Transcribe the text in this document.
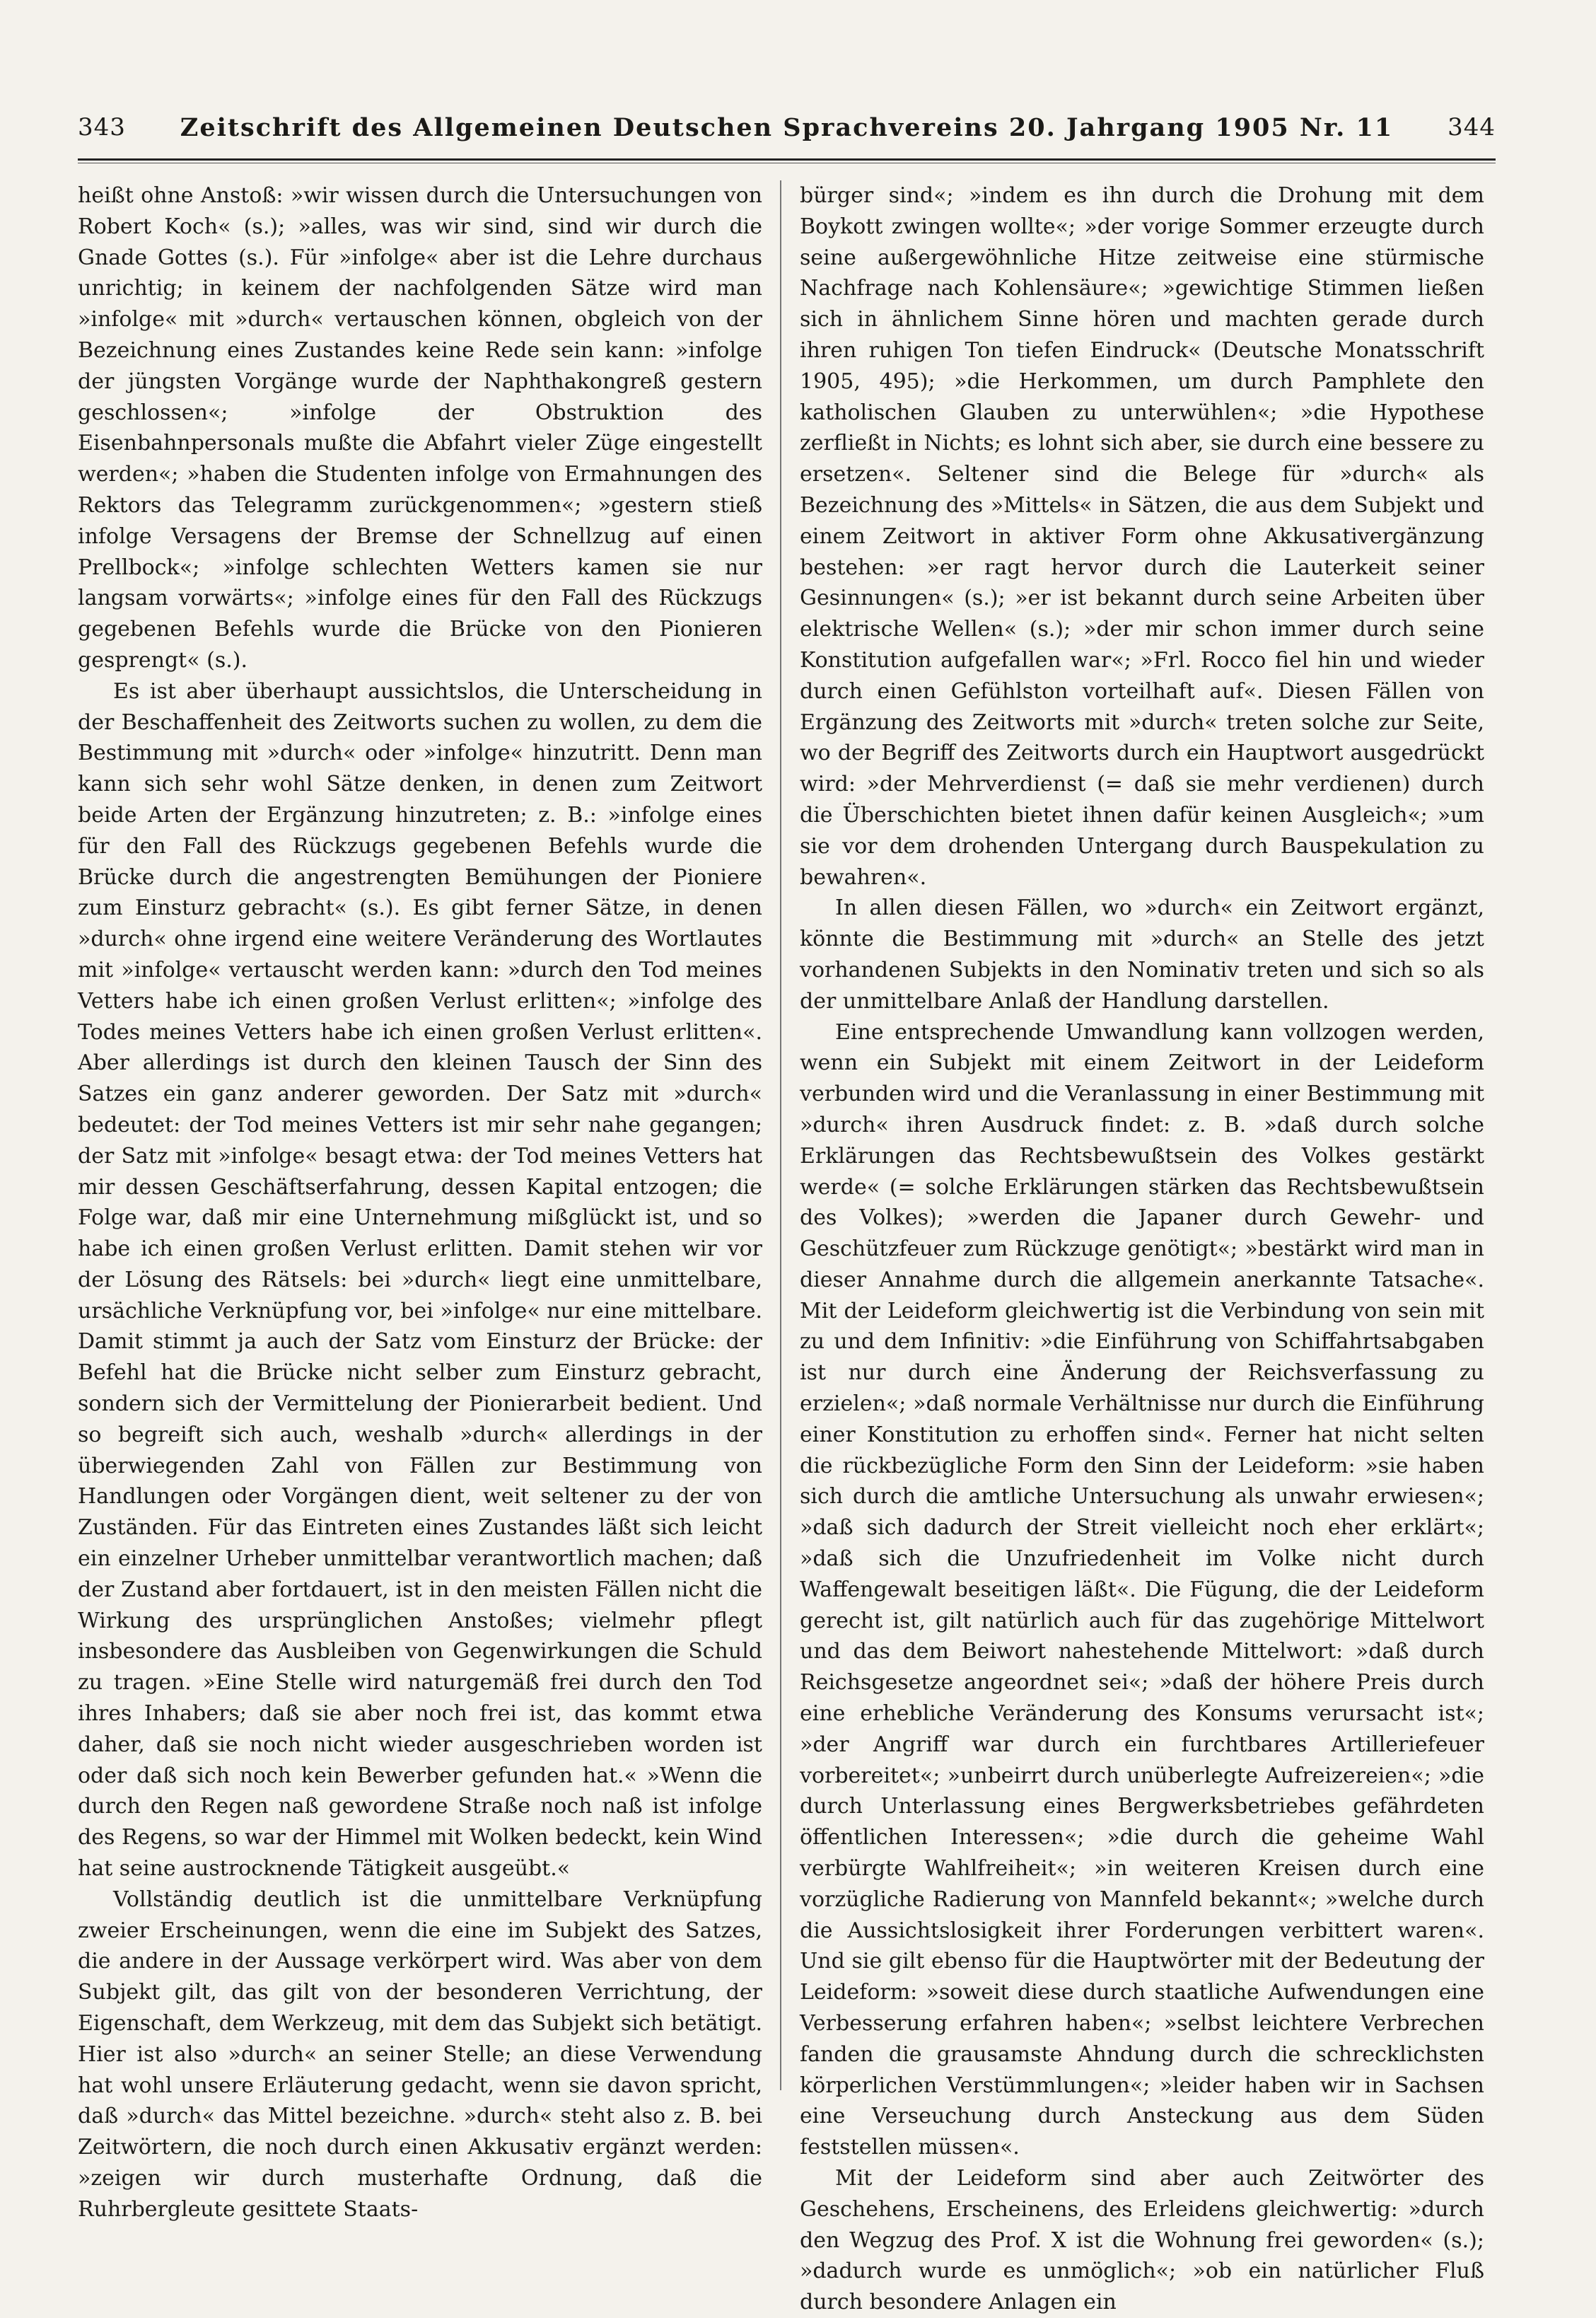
343 Zeitschrift des Allgemeinen Deutschen Sprachvereins 20. Jahrgang 1905 Nr. 11 344

heißt ohne Anstoß: »wir wissen durch die Untersuchungen von Robert Koch« (s.); »alles, was wir sind, sind wir durch die Gnade Gottes (s.). Für »infolge« aber ist die Lehre durchaus unrichtig; in keinem der nachfolgenden Sätze wird man »infolge« mit »durch« vertauschen können, obgleich von der Bezeichnung eines Zustandes keine Rede sein kann: »infolge der jüngsten Vorgänge wurde der Naphthakongreß gestern geschlossen«; »infolge der Obstruktion des Eisenbahnpersonals mußte die Abfahrt vieler Züge eingestellt werden«; »haben die Studenten infolge von Ermahnungen des Rektors das Telegramm zurückgenommen«; »gestern stieß infolge Versagens der Bremse der Schnellzug auf einen Prellbock«; »infolge schlechten Wetters kamen sie nur langsam vorwärts«; »infolge eines für den Fall des Rückzugs gegebenen Befehls wurde die Brücke von den Pionieren gesprengt« (s.).

Es ist aber überhaupt aussichtslos, die Unterscheidung in der Beschaffenheit des Zeitworts suchen zu wollen, zu dem die Bestimmung mit »durch« oder »infolge« hinzutritt. Denn man kann sich sehr wohl Sätze denken, in denen zum Zeitwort beide Arten der Ergänzung hinzutreten; z. B.: »infolge eines für den Fall des Rückzugs gegebenen Befehls wurde die Brücke durch die angestrengten Bemühungen der Pioniere zum Einsturz gebracht« (s.). Es gibt ferner Sätze, in denen »durch« ohne irgend eine weitere Veränderung des Wortlautes mit »infolge« vertauscht werden kann: »durch den Tod meines Vetters habe ich einen großen Verlust erlitten«; »infolge des Todes meines Vetters habe ich einen großen Verlust erlitten«. Aber allerdings ist durch den kleinen Tausch der Sinn des Satzes ein ganz anderer geworden. Der Satz mit »durch« bedeutet: der Tod meines Vetters ist mir sehr nahe gegangen; der Satz mit »infolge« besagt etwa: der Tod meines Vetters hat mir dessen Geschäftserfahrung, dessen Kapital entzogen; die Folge war, daß mir eine Unternehmung mißglückt ist, und so habe ich einen großen Verlust erlitten. Damit stehen wir vor der Lösung des Rätsels: bei »durch« liegt eine unmittelbare, ursächliche Verknüpfung vor, bei »infolge« nur eine mittelbare. Damit stimmt ja auch der Satz vom Einsturz der Brücke: der Befehl hat die Brücke nicht selber zum Einsturz gebracht, sondern sich der Vermittelung der Pionierarbeit bedient. Und so begreift sich auch, weshalb »durch« allerdings in der überwiegenden Zahl von Fällen zur Bestimmung von Handlungen oder Vorgängen dient, weit seltener zu der von Zuständen. Für das Eintreten eines Zustandes läßt sich leicht ein einzelner Urheber unmittelbar verantwortlich machen; daß der Zustand aber fortdauert, ist in den meisten Fällen nicht die Wirkung des ursprünglichen Anstoßes; vielmehr pflegt insbesondere das Ausbleiben von Gegenwirkungen die Schuld zu tragen. »Eine Stelle wird naturgemäß frei durch den Tod ihres Inhabers; daß sie aber noch frei ist, das kommt etwa daher, daß sie noch nicht wieder ausgeschrieben worden ist oder daß sich noch kein Bewerber gefunden hat.« »Wenn die durch den Regen naß gewordene Straße noch naß ist infolge des Regens, so war der Himmel mit Wolken bedeckt, kein Wind hat seine austrocknende Tätigkeit ausgeübt.«

Vollständig deutlich ist die unmittelbare Verknüpfung zweier Erscheinungen, wenn die eine im Subjekt des Satzes, die andere in der Aussage verkörpert wird. Was aber von dem Subjekt gilt, das gilt von der besonderen Verrichtung, der Eigenschaft, dem Werkzeug, mit dem das Subjekt sich betätigt. Hier ist also »durch« an seiner Stelle; an diese Verwendung hat wohl unsere Erläuterung gedacht, wenn sie davon spricht, daß »durch« das Mittel bezeichne. »durch« steht also z. B. bei Zeitwörtern, die noch durch einen Akkusativ ergänzt werden: »zeigen wir durch musterhafte Ordnung, daß die Ruhrbergleute gesittete Staats-

bürger sind«; »indem es ihn durch die Drohung mit dem Boykott zwingen wollte«; »der vorige Sommer erzeugte durch seine außergewöhnliche Hitze zeitweise eine stürmische Nachfrage nach Kohlensäure«; »gewichtige Stimmen ließen sich in ähnlichem Sinne hören und machten gerade durch ihren ruhigen Ton tiefen Eindruck« (Deutsche Monatsschrift 1905, 495); »die Herkommen, um durch Pamphlete den katholischen Glauben zu unterwühlen«; »die Hypothese zerfließt in Nichts; es lohnt sich aber, sie durch eine bessere zu ersetzen«. Seltener sind die Belege für »durch« als Bezeichnung des »Mittels« in Sätzen, die aus dem Subjekt und einem Zeitwort in aktiver Form ohne Akkusativergänzung bestehen: »er ragt hervor durch die Lauterkeit seiner Gesinnungen« (s.); »er ist bekannt durch seine Arbeiten über elektrische Wellen« (s.); »der mir schon immer durch seine Konstitution aufgefallen war«; »Frl. Rocco fiel hin und wieder durch einen Gefühlston vorteilhaft auf«. Diesen Fällen von Ergänzung des Zeitworts mit »durch« treten solche zur Seite, wo der Begriff des Zeitworts durch ein Hauptwort ausgedrückt wird: »der Mehrverdienst (= daß sie mehr verdienen) durch die Überschichten bietet ihnen dafür keinen Ausgleich«; »um sie vor dem drohenden Untergang durch Bauspekulation zu bewahren«.

In allen diesen Fällen, wo »durch« ein Zeitwort ergänzt, könnte die Bestimmung mit »durch« an Stelle des jetzt vorhandenen Subjekts in den Nominativ treten und sich so als der unmittelbare Anlaß der Handlung darstellen.

Eine entsprechende Umwandlung kann vollzogen werden, wenn ein Subjekt mit einem Zeitwort in der Leideform verbunden wird und die Veranlassung in einer Bestimmung mit »durch« ihren Ausdruck findet: z. B. »daß durch solche Erklärungen das Rechtsbewußtsein des Volkes gestärkt werde« (= solche Erklärungen stärken das Rechtsbewußtsein des Volkes); »werden die Japaner durch Gewehr- und Geschützfeuer zum Rückzuge genötigt«; »bestärkt wird man in dieser Annahme durch die allgemein anerkannte Tatsache«. Mit der Leideform gleichwertig ist die Verbindung von sein mit zu und dem Infinitiv: »die Einführung von Schiffahrtsabgaben ist nur durch eine Änderung der Reichsverfassung zu erzielen«; »daß normale Verhältnisse nur durch die Einführung einer Konstitution zu erhoffen sind«. Ferner hat nicht selten die rückbezügliche Form den Sinn der Leideform: »sie haben sich durch die amtliche Untersuchung als unwahr erwiesen«; »daß sich dadurch der Streit vielleicht noch eher erklärt«; »daß sich die Unzufriedenheit im Volke nicht durch Waffengewalt beseitigen läßt«. Die Fügung, die der Leideform gerecht ist, gilt natürlich auch für das zugehörige Mittelwort und das dem Beiwort nahestehende Mittelwort: »daß durch Reichsgesetze angeordnet sei«; »daß der höhere Preis durch eine erhebliche Veränderung des Konsums verursacht ist«; »der Angriff war durch ein furchtbares Artilleriefeuer vorbereitet«; »unbeirrt durch unüberlegte Aufreizereien«; »die durch Unterlassung eines Bergwerksbetriebes gefährdeten öffentlichen Interessen«; »die durch die geheime Wahl verbürgte Wahlfreiheit«; »in weiteren Kreisen durch eine vorzügliche Radierung von Mannfeld bekannt«; »welche durch die Aussichtslosigkeit ihrer Forderungen verbittert waren«. Und sie gilt ebenso für die Hauptwörter mit der Bedeutung der Leideform: »soweit diese durch staatliche Aufwendungen eine Verbesserung erfahren haben«; »selbst leichtere Verbrechen fanden die grausamste Ahndung durch die schrecklichsten körperlichen Verstümmlungen«; »leider haben wir in Sachsen eine Verseuchung durch Ansteckung aus dem Süden feststellen müssen«.

Mit der Leideform sind aber auch Zeitwörter des Geschehens, Erscheinens, des Erleidens gleichwertig: »durch den Wegzug des Prof. X ist die Wohnung frei geworden« (s.); »dadurch wurde es unmöglich«; »ob ein natürlicher Fluß durch besondere Anlagen ein
